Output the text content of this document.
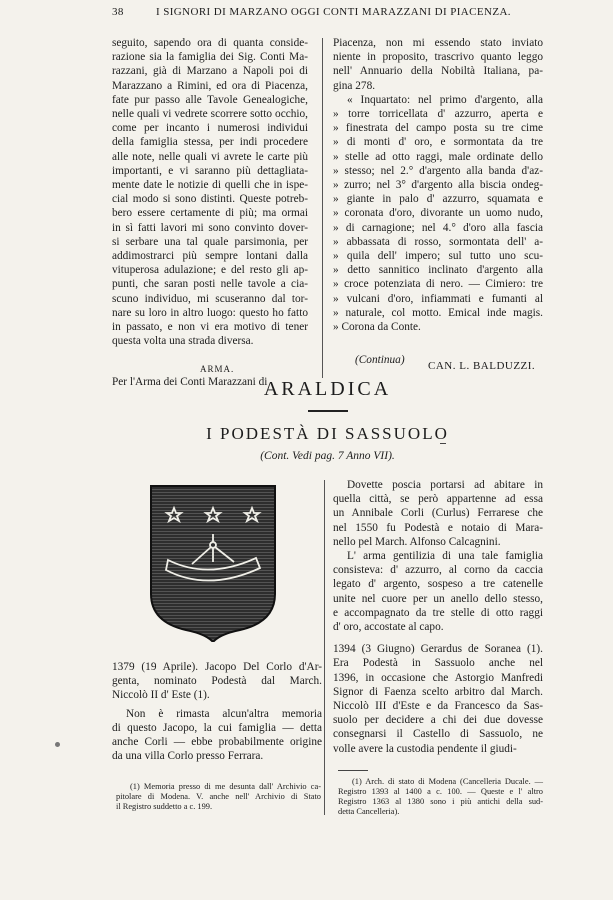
38	I SIGNORI DI MARZANO OGGI CONTI MARAZZANI DI PIACENZA.
seguito, sapendo ora di quanta conside-
razione sia la famiglia dei Sig. Conti Ma-
razzani, già di Marzano a Napoli poi di
Marazzano a Rimini, ed ora di Piacenza,
fate pur passo alle Tavole Genealogiche,
nelle quali vi vedrete scorrere sotto occhio,
come per incanto i numerosi individui
della famiglia stessa, per indi procedere
alle note, nelle quali vi avrete le carte più
importanti, e vi saranno più dettagliata-
mente date le notizie di quelli che in ispe-
cial modo si sono distinti. Queste potreb-
bero essere certamente di più; ma ormai
in sì fatti lavori mi sono convinto dover-
si serbare una tal quale parsimonia, per
addimostrarci più sempre lontani dalla
vituperosa adulazione; e del resto gli ap-
punti, che saran posti nelle tavole a cia-
scuno individuo, mi scuseranno dal tor-
nare su loro in altro luogo: questo ho fatto
in passato, e non vi era motivo di tener
questa volta una strada diversa.
ARMA.
Per l'Arma dei Conti Marazzani di
Piacenza, non mi essendo stato inviato
niente in proposito, trascrivo quanto leggo
nell' Annuario della Nobiltà Italiana, pa-
gina 278.
« Inquartato: nel primo d'argento, alla
» torre torricellata d' azzurro, aperta e
» finestrata del campo posta su tre cime
» di monti d' oro, e sormontata da tre
» stelle ad otto raggi, male ordinate dello
» stesso; nel 2.° d'argento alla banda d'az-
» zurro; nel 3° d'argento alla biscia ondeg-
» giante in palo d' azzurro, squamata e
» coronata d'oro, divorante un uomo nudo,
» di carnagione; nel 4.° d'oro alla fascia
» abbassata di rosso, sormontata dell' a-
» quila dell' impero; sul tutto uno scu-
» detto sannitico inclinato d'argento alla
» croce potenziata di nero. — Cimiero: tre
» vulcani d'oro, infiammati e fumanti al
» naturale, col motto. Emical inde magis.
» Corona da Conte.
(Continua) CAN. L. BALDUZZI.
ARALDICA
I PODESTÀ DI SASSUOLO
(Cont. Vedi pag. 7 Anno VII).
1379 (19 Aprile). Jacopo Del Corlo d'Ar-
genta, nominato Podestà dal March.
Niccolò II d' Este (1).
Non è rimasta alcun'altra memoria
di questo Jacopo, la cui famiglia — detta
anche Corli — ebbe probabilmente origine
da una villa Corlo presso Ferrara.
(1) Memoria presso di me desunta dall' Archivio ca-
pitolare di Modena. V. anche nell' Archivio di Stato
il Registro suddetto a c. 199.
Dovette poscia portarsi ad abitare in
quella città, se però appartenne ad essa
un Annibale Corli (Curlus) Ferrarese che
nel 1550 fu Podestà e notaio di Mara-
nello pel March. Alfonso Calcagnini.
L' arma gentilizia di una tale famiglia
consisteva: d' azzurro, al corno da caccia
legato d' argento, sospeso a tre catenelle
unite nel cuore per un anello dello stesso,
e accompagnato da tre stelle di otto raggi
d' oro, accostate al capo.
1394 (3 Giugno) Gerardus de Soranea (1).
Era Podestà in Sassuolo anche nel
1396, in occasione che Astorgio Manfredi
Signor di Faenza scelto arbitro dal March.
Niccolò III d'Este e da Francesco da Sas-
suolo per decidere a chi dei due dovesse
consegnarsi il Castello di Sassuolo, ne
volle avere la custodia pendente il giudi-
(1) Arch. di stato di Modena (Cancelleria Ducale. —
Registro 1393 al 1400 a c. 100. — Queste e l' altro
Registro 1363 al 1380 sono i più antichi della sud-
detta Cancelleria).
